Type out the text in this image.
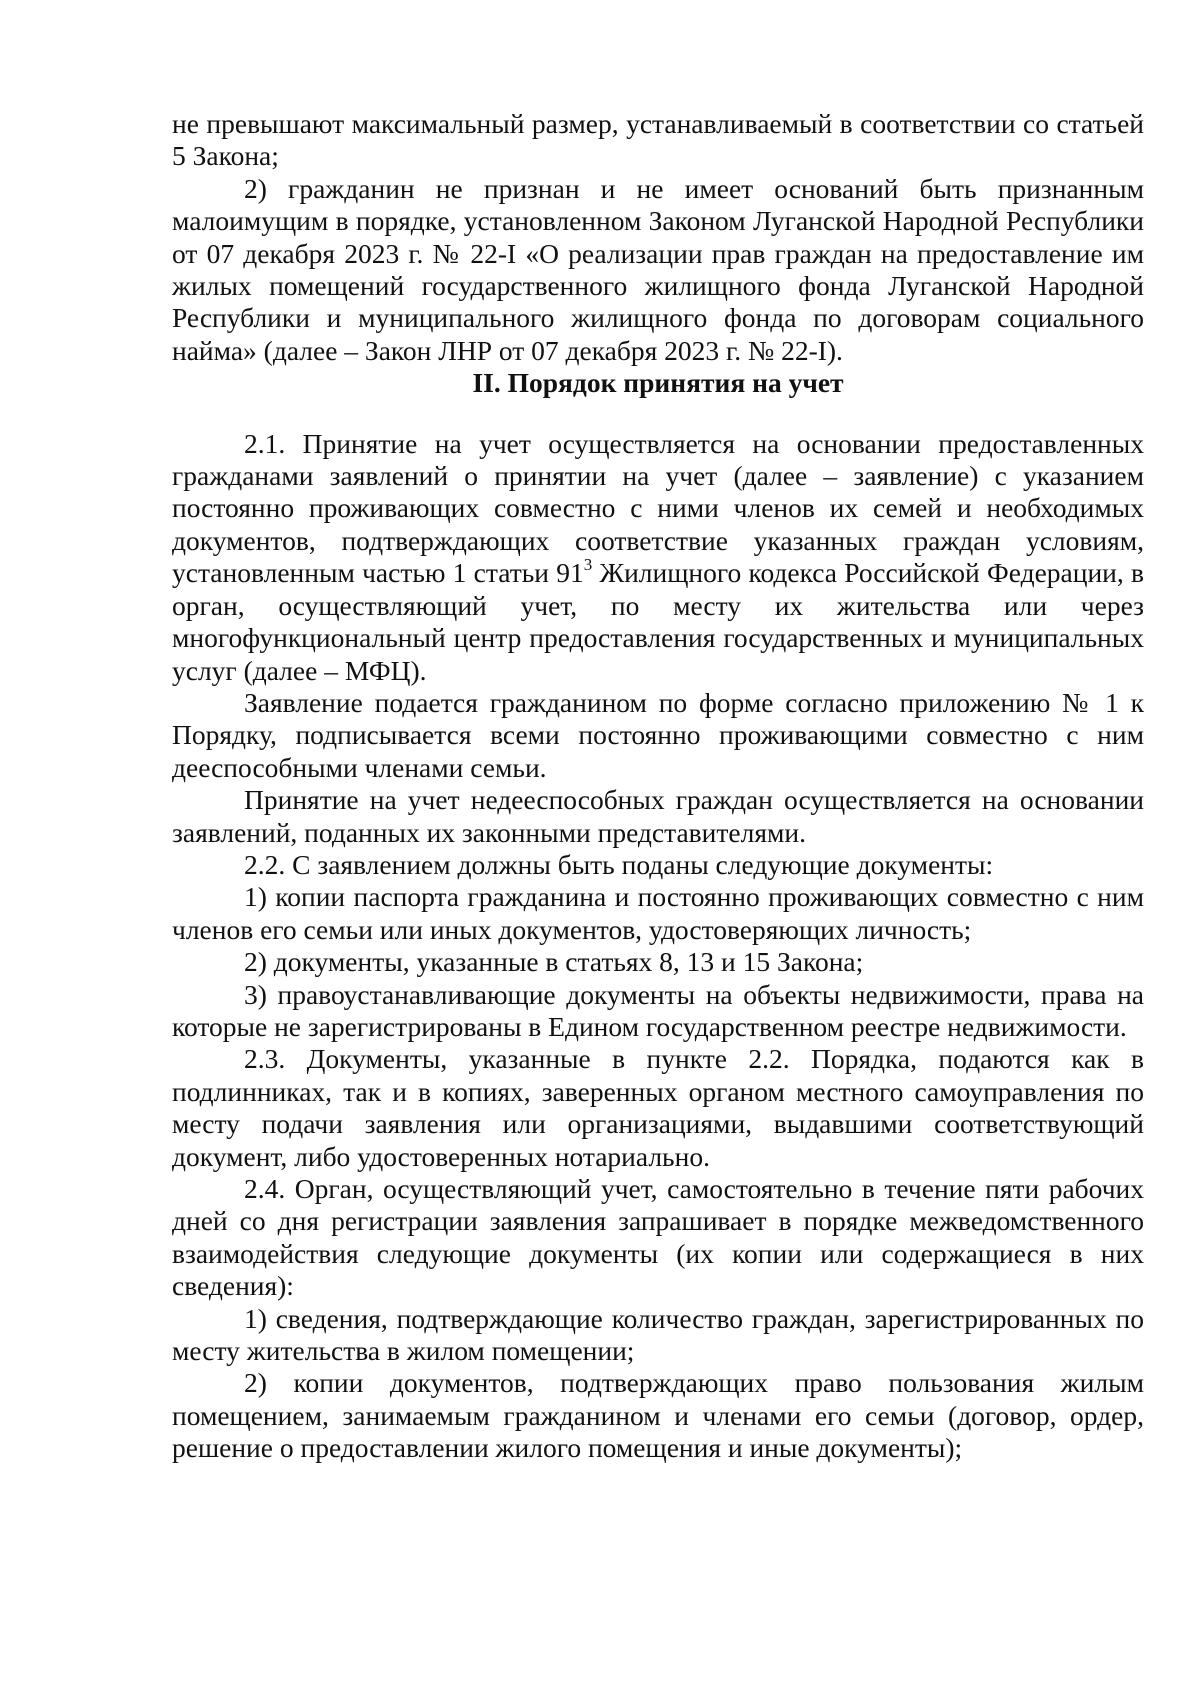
не превышают максимальный размер, устанавливаемый в соответствии со статьей 5 Закона;

2) гражданин не признан и не имеет оснований быть признанным малоимущим в порядке, установленном Законом Луганской Народной Республики от 07 декабря 2023 г. № 22-I «О реализации прав граждан на предоставление им жилых помещений государственного жилищного фонда Луганской Народной Республики и муниципального жилищного фонда по договорам социального найма» (далее – Закон ЛНР от 07 декабря 2023 г. № 22-I).

II. Порядок принятия на учет

2.1. Принятие на учет осуществляется на основании предоставленных гражданами заявлений о принятии на учет (далее – заявление) с указанием постоянно проживающих совместно с ними членов их семей и необходимых документов, подтверждающих соответствие указанных граждан условиям, установленным частью 1 статьи $91^3$ Жилищного кодекса Российской Федерации, в орган, осуществляющий учет, по месту их жительства или через многофункциональный центр предоставления государственных и муниципальных услуг (далее – МФЦ).

Заявление подается гражданином по форме согласно приложению № 1 к Порядку, подписывается всеми постоянно проживающими совместно с ним дееспособными членами семьи.

Принятие на учет недееспособных граждан осуществляется на основании заявлений, поданных их законными представителями.

2.2. С заявлением должны быть поданы следующие документы:

1) копии паспорта гражданина и постоянно проживающих совместно с ним членов его семьи или иных документов, удостоверяющих личность;

2) документы, указанные в статьях 8, 13 и 15 Закона;

3) правоустанавливающие документы на объекты недвижимости, права на которые не зарегистрированы в Едином государственном реестре недвижимости.

2.3. Документы, указанные в пункте 2.2. Порядка, подаются как в подлинниках, так и в копиях, заверенных органом местного самоуправления по месту подачи заявления или организациями, выдавшими соответствующий документ, либо удостоверенных нотариально.

2.4. Орган, осуществляющий учет, самостоятельно в течение пяти рабочих дней со дня регистрации заявления запрашивает в порядке межведомственного взаимодействия следующие документы (их копии или содержащиеся в них сведения):

1) сведения, подтверждающие количество граждан, зарегистрированных по месту жительства в жилом помещении;

2) копии документов, подтверждающих право пользования жилым помещением, занимаемым гражданином и членами его семьи (договор, ордер, решение о предоставлении жилого помещения и иные документы);
